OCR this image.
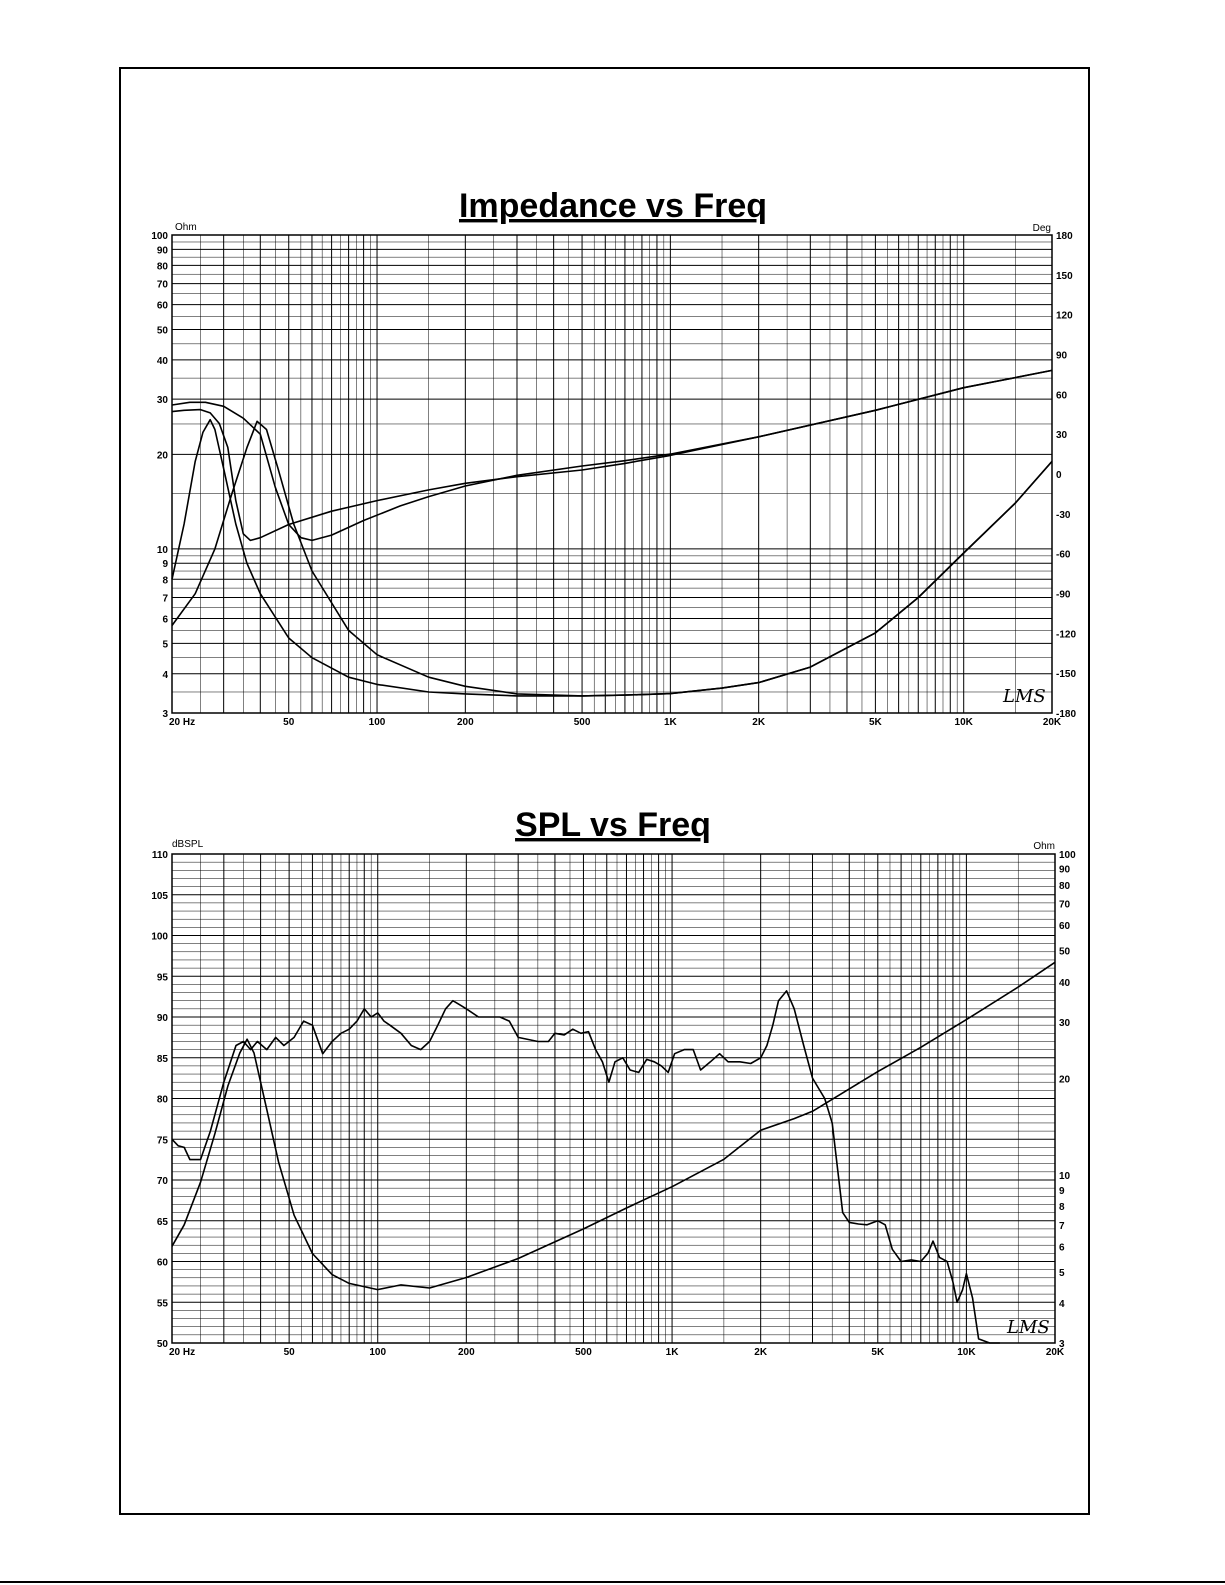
Impedance vs Freq
Ohm	Deg
20 Hz	50	100	200	500	1K	2K	5K	10K	20K
100
90
80
70
60
50
40
30
20
10
9
8
7
6
5
4
3
180
150
120
90
60
30
0
-30
-60
-90
-120
-150
-180
LMS
SPL vs Freq
dBSPL	Ohm
20 Hz	50	100	200	500	1K	2K	5K	10K	20K
110
105
100
95
90
85
80
75
70
65
60
55
50
100
90
80
70
60
50
40
30
20
10
9
8
7
6
5
4
3
LMS
